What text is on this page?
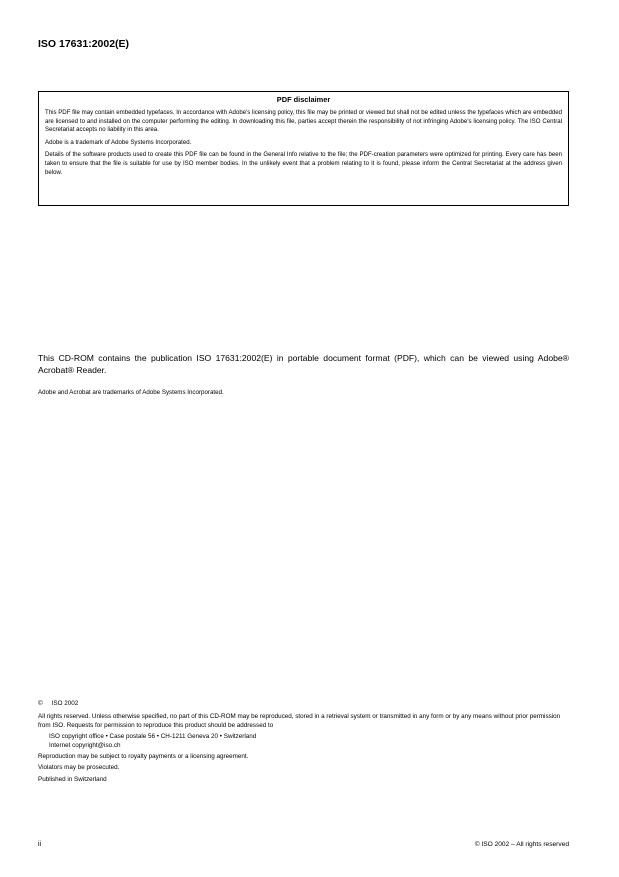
ISO 17631:2002(E)

PDF disclaimer

This PDF file may contain embedded typefaces. In accordance with Adobe's licensing policy, this file may be printed or viewed but shall not be edited unless the typefaces which are embedded are licensed to and installed on the computer performing the editing. In downloading this file, parties accept therein the responsibility of not infringing Adobe's licensing policy. The ISO Central Secretariat accepts no liability in this area.

Adobe is a trademark of Adobe Systems Incorporated.

Details of the software products used to create this PDF file can be found in the General Info relative to the file; the PDF-creation parameters were optimized for printing. Every care has been taken to ensure that the file is suitable for use by ISO member bodies. In the unlikely event that a problem relating to it is found, please inform the Central Secretariat at the address given below.

This CD-ROM contains the publication ISO 17631:2002(E) in portable document format (PDF), which can be viewed using Adobe® Acrobat® Reader.

Adobe and Acrobat are trademarks of Adobe Systems Incorporated.

© ISO 2002

All rights reserved. Unless otherwise specified, no part of this CD-ROM may be reproduced, stored in a retrieval system or transmitted in any form or by any means without prior permission from ISO. Requests for permission to reproduce this product should be addressed to

ISO copyright office • Case postale 56 • CH-1211 Geneva 20 • Switzerland

Internet copyright@iso.ch

Reproduction may be subject to royalty payments or a licensing agreement.

Violators may be prosecuted.

Published in Switzerland

ii	© ISO 2002 – All rights reserved
